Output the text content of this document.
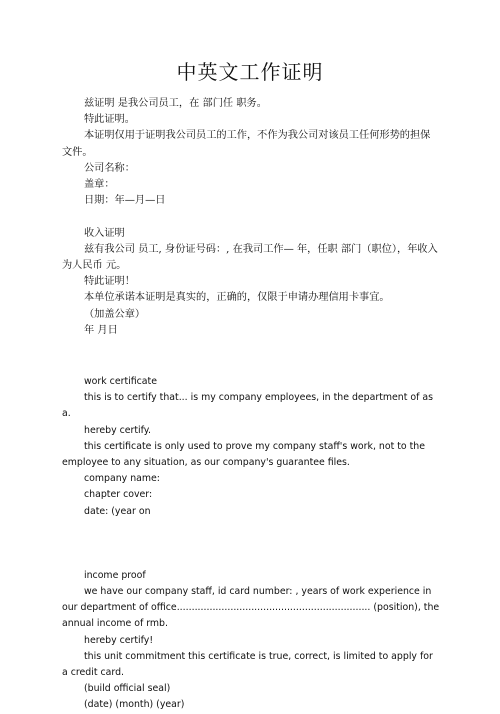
中英文工作证明

兹证明 是我公司员工，在 部门任 职务。

特此证明。

本证明仅用于证明我公司员工的工作，不作为我公司对该员工任何形势的担保文件。

公司名称：

盖章：

日期：年—月—日

收入证明

兹有我公司 员工, 身份证号码：, 在我司工作— 年，任职 部门（职位），年收入为人民币 元。

特此证明！

本单位承诺本证明是真实的，正确的，仅限于申请办理信用卡事宜。

（加盖公章）

年 月日

work certificate

this is to certify that... is my company employees, in the department of as a.

hereby certify.

this certificate is only used to prove my company staff's work, not to the employee to any situation, as our company's guarantee files.

company name:

chapter cover:

date: (year on

income proof

we have our company staff, id card number: , years of work experience in our department of office................................................................. (position), the annual income of rmb.

hereby certify!

this unit commitment this certificate is true, correct, is limited to apply for a credit card.

(build official seal)

(date) (month) (year)
